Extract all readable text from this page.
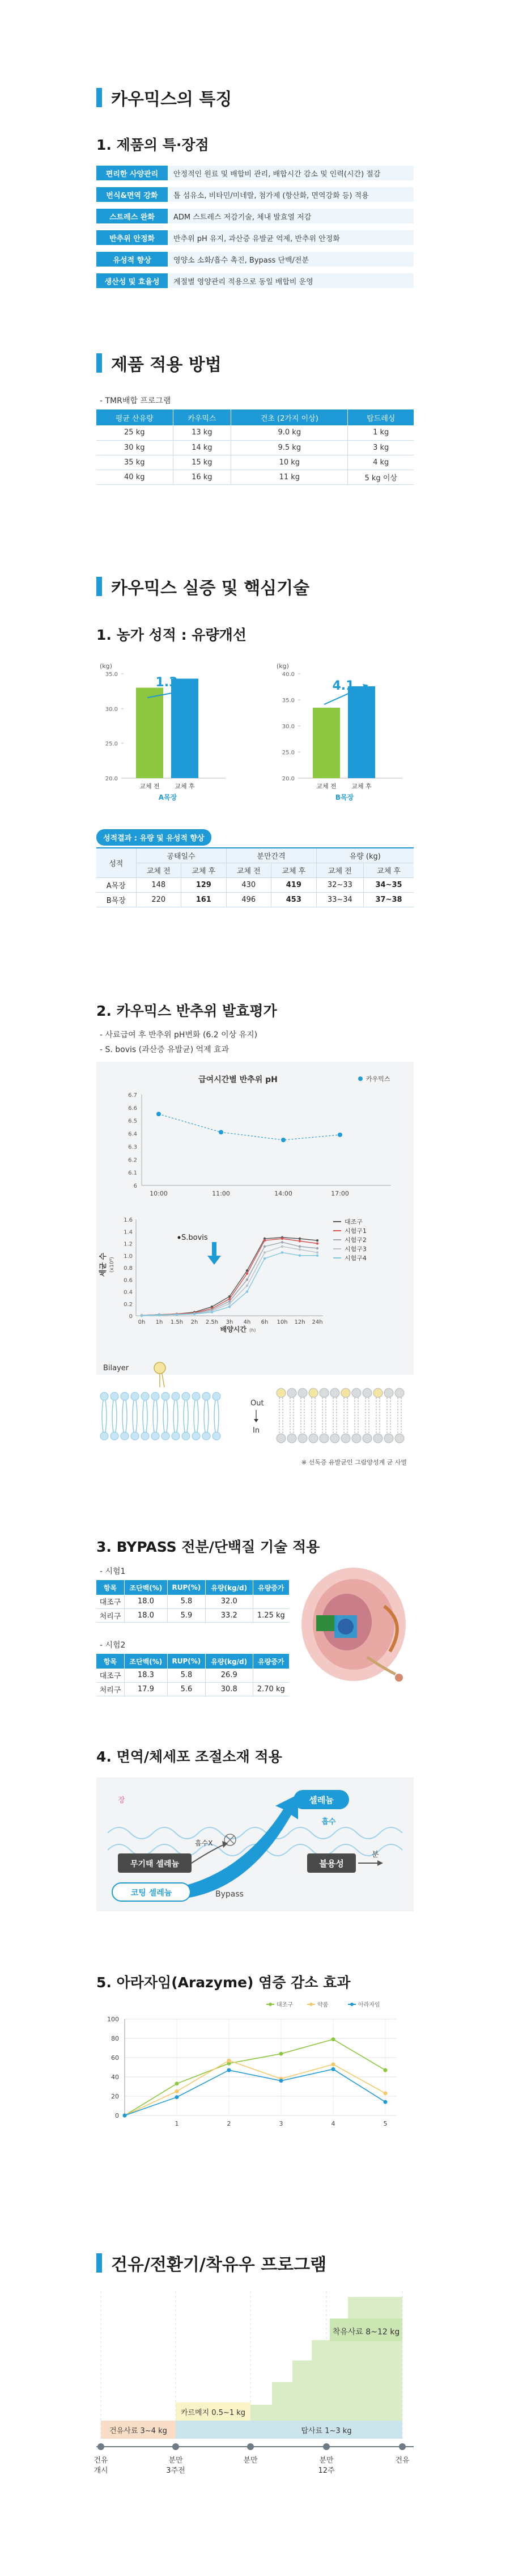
카우믹스의 특징
1. 제품의 특·장점
편리한 사양관리	안정적인 원료 및 배합비 관리, 배합시간 감소 및 인력(시간) 절감
번식&면역 강화	톱 섬유소, 비타민/미네랄, 첨가제 (항산화, 면역강화 등) 적용
스트레스 완화	ADM 스트레스 저감기술, 체내 발효열 저감
반추위 안정화	반추위 pH 유지, 과산증 유발균 억제, 반추위 안정화
유성적 향상	영양소 소화/흡수 촉진, Bypass 단백/전분
생산성 및 효율성	계절별 영양관리 적용으로 동일 배합비 운영
제품 적용 방법
- TMR배합 프로그램
평균 산유량	카우믹스	건초 (2가지 이상)	탑드레싱
25 kg	13 kg	9.0 kg	1 kg
30 kg	14 kg	9.5 kg	3 kg
35 kg	15 kg	10 kg	4 kg
40 kg	16 kg	11 kg	5 kg 이상
카우믹스 실증 및 핵심기술
1. 농가 성적 : 유량개선
(kg)
35.0
30.0
25.0
20.0
1.3
교체 전 교체 후
A목장
(kg)
40.0
35.0
30.0
25.0
20.0
4.1
교체 전 교체 후
B목장
성적결과 : 유량 및 유성적 향상
성적	공태일수		분만간격		유량 (kg)	
	교체 전	교체 후	교체 전	교체 후	교체 전	교체 후
A목장	148	129	430	419	32~33	34~35
B목장	220	161	496	453	33~34	37~38
2. 카우믹스 반추위 발효평가
- 사료급여 후 반추위 pH변화 (6.2 이상 유지)
- S. bovis (과산증 유발균) 억제 효과
급여시간별 반추위 pH	카우믹스
6.7
6.6
6.5
6.4
6.3
6.2
6.1
6
10:00	11:00	14:00	17:00
세균 수 (x10⁸)
1.6
1.4
1.2
1.0
0.8
0.6
0.4
0.2
0
0h 1h 1.5h 2h 2.5h 3h 4h 6h 10h 12h 24h
S.bovis
배양시간 (h)
대조구
시험구1
시험구2
시험구3
시험구4
Bilayer
Out
In
※ 선독증 유발균인 그람양성계 균 사멸
3. BYPASS 전분/단백질 기술 적용
- 시험1
항목	조단백(%)	RUP(%)	유량(kg/d)	유량증가
대조구	18.0	5.8	32.0	
처리구	18.0	5.9	33.2	1.25 kg
- 시험2
항목	조단백(%)	RUP(%)	유량(kg/d)	유량증가
대조구	18.3	5.8	26.9	
처리구	17.9	5.6	30.8	2.70 kg
4. 면역/체세포 조절소재 적용
장	셀레늄
흡수
흡수X
무기태 셀레늄
코팅 셀레늄	Bypass
불용성
분
5. 아라자임(Arazyme) 염증 감소 효과
대조구	약품	아라자임
100
80
60
40
20
0
1	2	3	4	5
건유/전환기/착유우 프로그램
착유사료 8~12 kg
카르메지 0.5~1 kg
건유사료 3~4 kg	탑사료 1~3 kg
건유
개시
분만
3주전
분만	분만
12주
건유
